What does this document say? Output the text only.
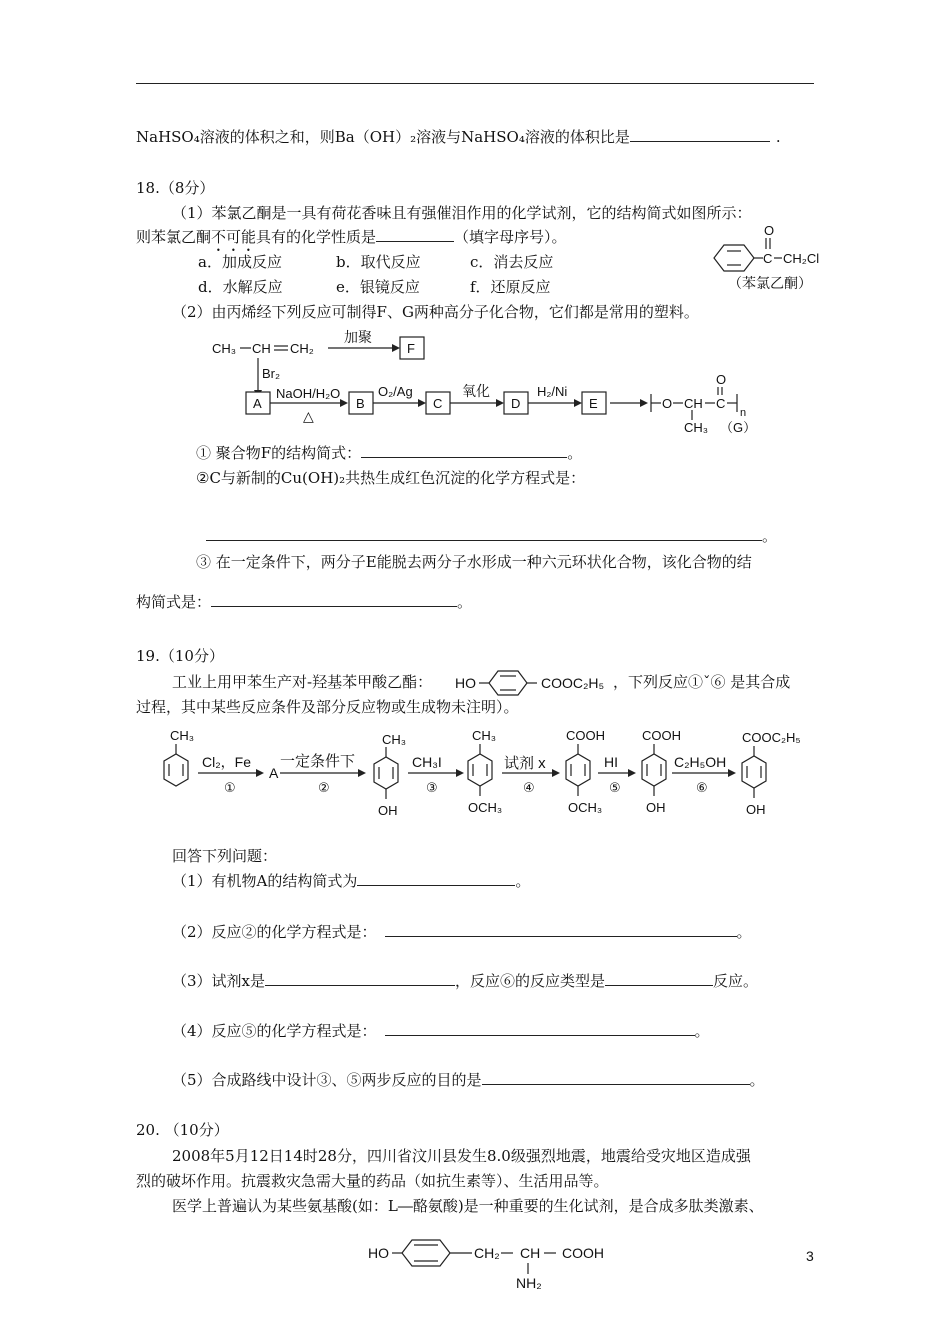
NaHSO₄溶液的体积之和，则Ba（OH）₂溶液与NaHSO₄溶液的体积比是	.
18.（8分）
（1）苯氯乙酮是一具有荷花香味且有强催泪作用的化学试剂，它的结构简式如图所示：
则苯氯乙酮不可能具有的化学性质是	（填字母序号）。
a．加成反应	b．取代反应	c．消去反应
d．水解反应	e．银镜反应	f．还原反应
O
C CH₂Cl
（苯氯乙酮）
（2）由丙烯经下列反应可制得F、G两种高分子化合物，它们都是常用的塑料。
CH₃ CH CH₂
加聚
F
Br₂
A
NaOH/H₂O
△
B
O₂/Ag
C
氧化
D
H₂/Ni
E	O CH C
n
O
CH₃ （G）
① 聚合物F的结构简式：	。
②C与新制的Cu(OH)₂共热生成红色沉淀的化学方程式是：
。
③ 在一定条件下，两分子E能脱去两分子水形成一种六元环状化合物，该化合物的结
构简式是：	。
19.（10分）
工业上用甲苯生产对-羟基苯甲酸乙酯： HO	COOC₂H₅ ，下列反应①ˇ⑥ 是其合成
过程，其中某些反应条件及部分反应物或生成物未注明）。
CH₃
Cl₂，Fe
①
A
一定条件下
②
CH₃
OH
CH₃I
③
CH₃
OCH₃
试剂 x
④
COOH
OCH₃
HI
⑤
COOH
OH
C₂H₅OH
⑥
COOC₂H₅
OH
回答下列问题：
（1）有机物A的结构简式为	。
（2）反应②的化学方程式是：	。
（3）试剂x是	，反应⑥的反应类型是	反应。
（4）反应⑤的化学方程式是：	。
（5）合成路线中设计③、⑤两步反应的目的是	。
20. （10分）
2008年5月12日14时28分，四川省汶川县发生8.0级强烈地震，地震给受灾地区造成强
烈的破坏作用。抗震救灾急需大量的药品（如抗生素等）、生活用品等。
医学上普遍认为某些氨基酸(如：L―酪氨酸)是一种重要的生化试剂，是合成多肽类激素、
HO	CH₂ CH COOH
NH₂
3
